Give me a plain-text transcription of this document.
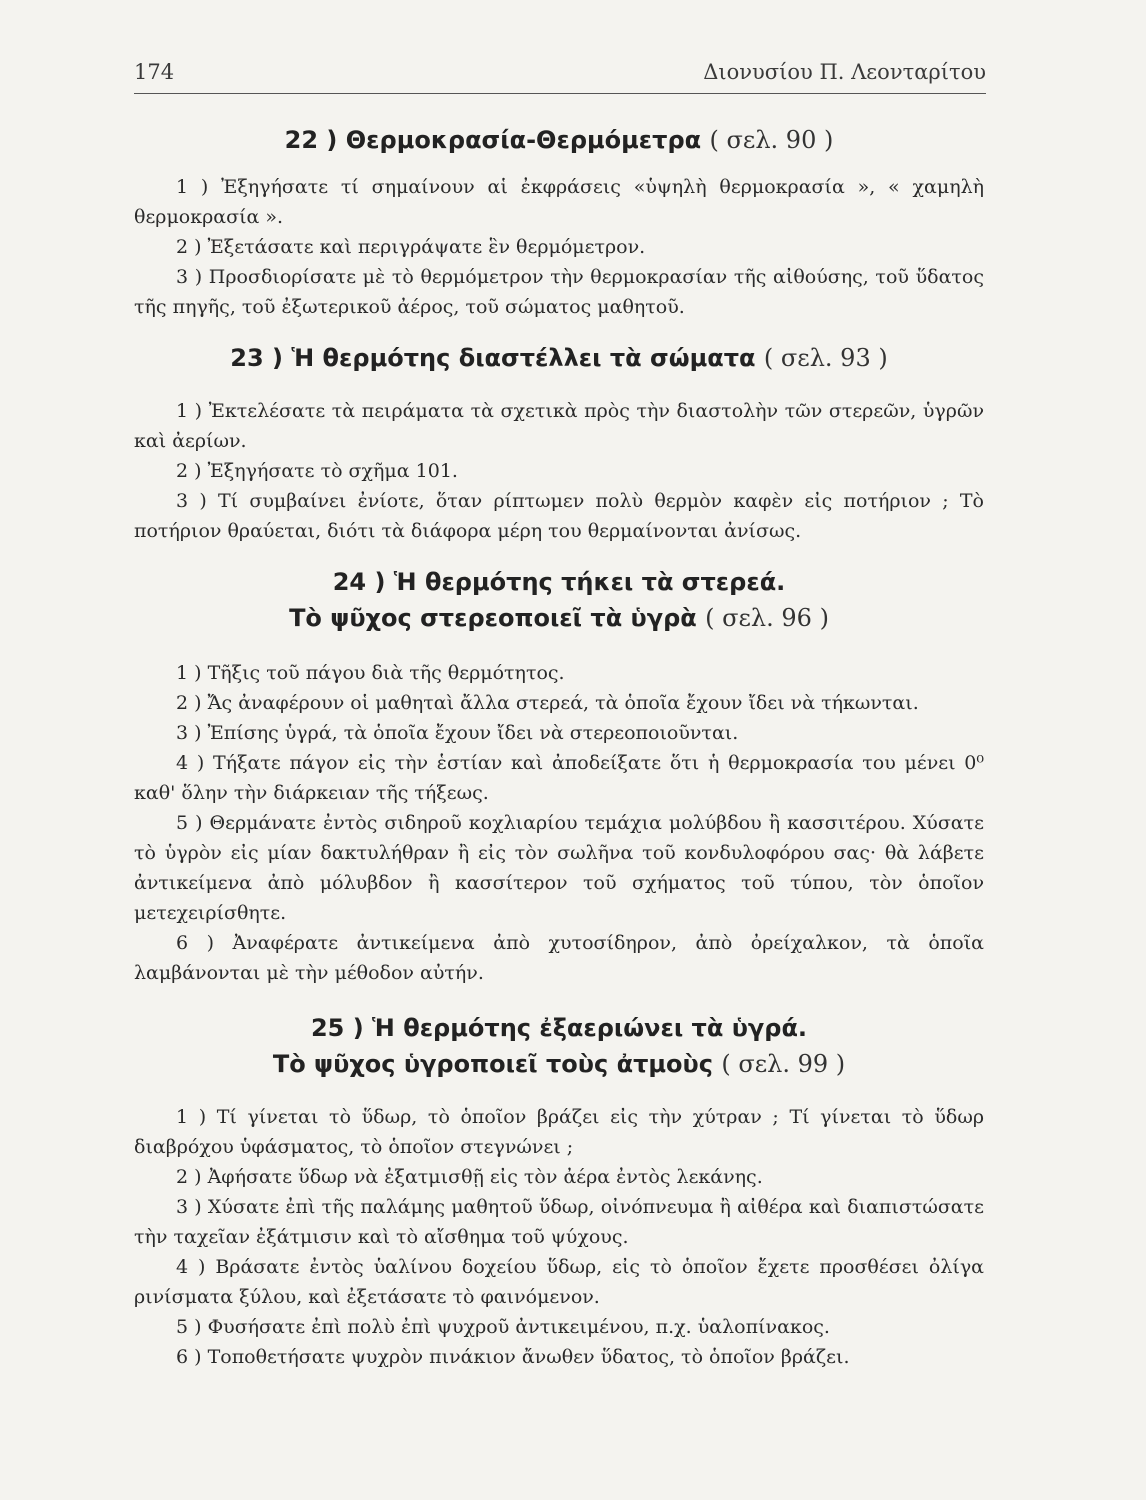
174	Διονυσίου Π. Λεονταρίτου
22 ) Θερμοκρασία-Θερμόμετρα ( σελ. 90 )

1 ) Ἐξηγήσατε τί σημαίνουν αἱ ἐκφράσεις «ὑψηλὴ θερμοκρασία », « χαμηλὴ θερμοκρασία ».

2 ) Ἐξετάσατε καὶ περιγράψατε ἓν θερμόμετρον.

3 ) Προσδιορίσατε μὲ τὸ θερμόμετρον τὴν θερμοκρασίαν τῆς αἰθούσης, τοῦ ὕδατος τῆς πηγῆς, τοῦ ἐξωτερικοῦ ἀέρος, τοῦ σώματος μαθητοῦ.

23 ) Ἡ θερμότης διαστέλλει τὰ σώματα ( σελ. 93 )

1 ) Ἐκτελέσατε τὰ πειράματα τὰ σχετικὰ πρὸς τὴν διαστολὴν τῶν στερεῶν, ὑγρῶν καὶ ἀερίων.

2 ) Ἐξηγήσατε τὸ σχῆμα 101.

3 ) Τί συμβαίνει ἐνίοτε, ὅταν ρίπτωμεν πολὺ θερμὸν καφὲν εἰς ποτήριον ; Τὸ ποτήριον θραύεται, διότι τὰ διάφορα μέρη του θερμαίνονται ἀνίσως.

24 ) Ἡ θερμότης τήκει τὰ στερεά.
Τὸ ψῦχος στερεοποιεῖ τὰ ὑγρὰ ( σελ. 96 )

1 ) Τῆξις τοῦ πάγου διὰ τῆς θερμότητος.

2 ) Ἄς ἀναφέρουν οἱ μαθηταὶ ἄλλα στερεά, τὰ ὁποῖα ἔχουν ἴδει νὰ τήκωνται.

3 ) Ἐπίσης ὑγρά, τὰ ὁποῖα ἔχουν ἴδει νὰ στερεοποιοῦνται.

4 ) Τήξατε πάγον εἰς τὴν ἑστίαν καὶ ἀποδείξατε ὅτι ἡ θερμοκρασία του μένει 0⁰ καθ' ὅλην τὴν διάρκειαν τῆς τήξεως.

5 ) Θερμάνατε ἐντὸς σιδηροῦ κοχλιαρίου τεμάχια μολύβδου ἢ κασσιτέρου. Χύσατε τὸ ὑγρὸν εἰς μίαν δακτυλήθραν ἢ εἰς τὸν σωλῆνα τοῦ κονδυλοφόρου σας· θὰ λάβετε ἀντικείμενα ἀπὸ μόλυβδον ἢ κασσίτερον τοῦ σχήματος τοῦ τύπου, τὸν ὁποῖον μετεχειρίσθητε.

6 ) Ἀναφέρατε ἀντικείμενα ἀπὸ χυτοσίδηρον, ἀπὸ ὀρείχαλκον, τὰ ὁποῖα λαμβάνονται μὲ τὴν μέθοδον αὐτήν.

25 ) Ἡ θερμότης ἐξαεριώνει τὰ ὑγρά.
Τὸ ψῦχος ὑγροποιεῖ τοὺς ἀτμοὺς ( σελ. 99 )

1 ) Τί γίνεται τὸ ὕδωρ, τὸ ὁποῖον βράζει εἰς τὴν χύτραν ; Τί γίνεται τὸ ὕδωρ διαβρόχου ὑφάσματος, τὸ ὁποῖον στεγνώνει ;

2 ) Ἀφήσατε ὕδωρ νὰ ἐξατμισθῇ εἰς τὸν ἀέρα ἐντὸς λεκάνης.

3 ) Χύσατε ἐπὶ τῆς παλάμης μαθητοῦ ὕδωρ, οἰνόπνευμα ἢ αἰθέρα καὶ διαπιστώσατε τὴν ταχεῖαν ἐξάτμισιν καὶ τὸ αἴσθημα τοῦ ψύχους.

4 ) Βράσατε ἐντὸς ὑαλίνου δοχείου ὕδωρ, εἰς τὸ ὁποῖον ἔχετε προσθέσει ὀλίγα ρινίσματα ξύλου, καὶ ἐξετάσατε τὸ φαινόμενον.

5 ) Φυσήσατε ἐπὶ πολὺ ἐπὶ ψυχροῦ ἀντικειμένου, π.χ. ὑαλοπίνακος.

6 ) Τοποθετήσατε ψυχρὸν πινάκιον ἄνωθεν ὕδατος, τὸ ὁποῖον βράζει.
